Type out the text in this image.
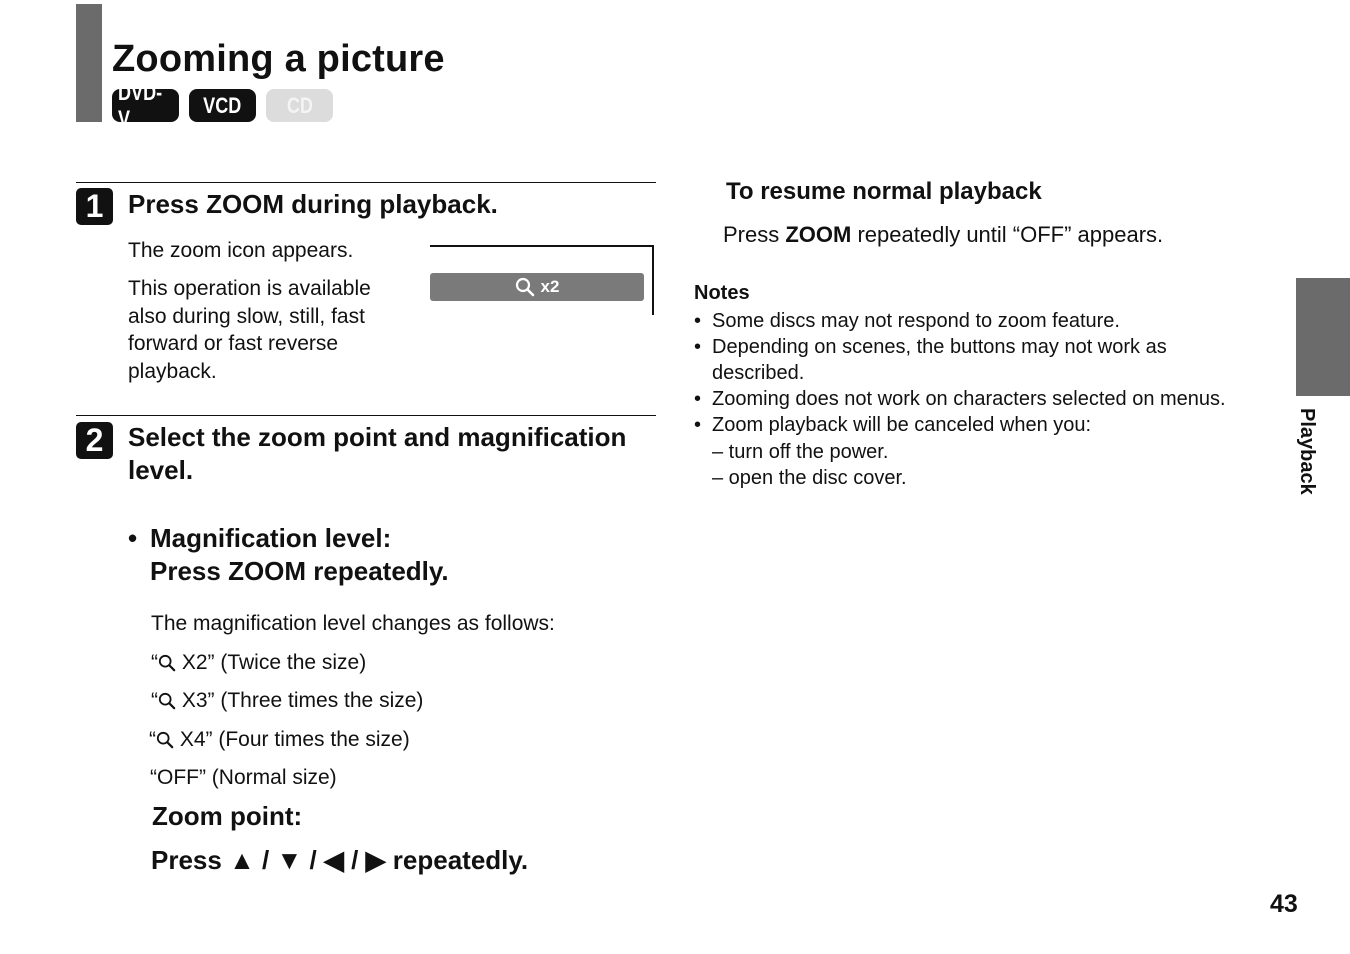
Zooming a picture
DVD-V
VCD CD
1 Press ZOOM during playback.
The zoom icon appears.
This operation is available
also during slow, still, fast
forward or fast reverse
playback.
x2
2 Select the zoom point and magnification
level.
• Magnification level:
Press ZOOM repeatedly.
The magnification level changes as follows:
“ X2” (Twice the size)
“ X3” (Three times the size)
“ X4” (Four times the size)
“OFF” (Normal size)
Zoom point:
Press ▲ / ▼ / ◀ / ▶ repeatedly.
To resume normal playback
Press ZOOM repeatedly until “OFF” appears.
Notes
• Some discs may not respond to zoom feature.
• Depending on scenes, the buttons may not work as
described.
• Zooming does not work on characters selected on menus.
• Zoom playback will be canceled when you:
– turn off the power.
– open the disc cover.	Playback
43
